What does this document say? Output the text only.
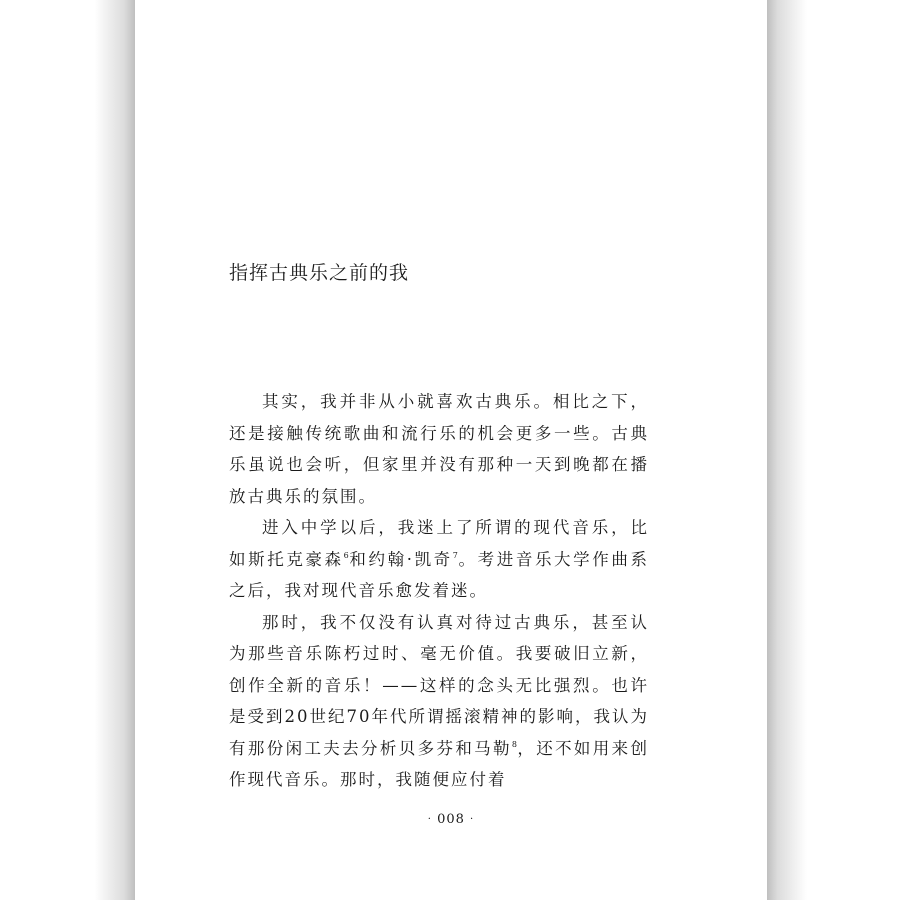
指挥古典乐之前的我

其实，我并非从小就喜欢古典乐。相比之下，还是接触传统歌曲和流行乐的机会更多一些。古典乐虽说也会听，但家里并没有那种一天到晚都在播放古典乐的氛围。

进入中学以后，我迷上了所谓的现代音乐，比如斯托克豪森$^6$和约翰·凯奇$^7$。考进音乐大学作曲系之后，我对现代音乐愈发着迷。

那时，我不仅没有认真对待过古典乐，甚至认为那些音乐陈朽过时、毫无价值。我要破旧立新，创作全新的音乐！——这样的念头无比强烈。也许是受到20世纪70年代所谓摇滚精神的影响，我认为有那份闲工夫去分析贝多芬和马勒$^8$，还不如用来创作现代音乐。那时，我随便应付着

· 008 ·
